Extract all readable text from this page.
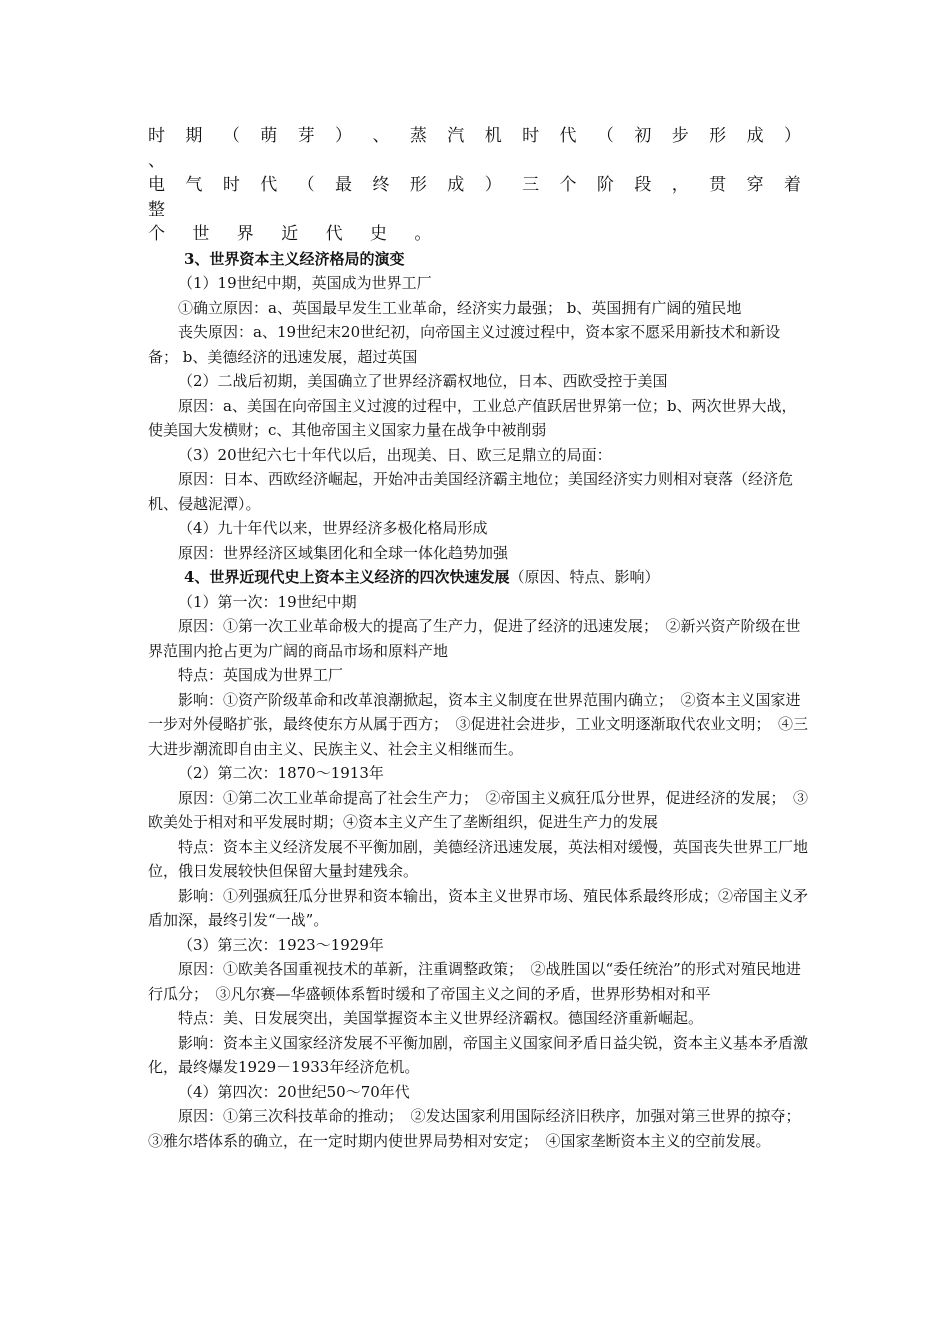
时 期 （ 萌 芽 ） 、 蒸 汽 机 时 代 （ 初 步 形 成 ） 、

电 气 时 代 （ 最 终 形 成 ） 三 个 阶 段 ， 贯 穿 着 整

个 世 界 近 代 史 。

3、世界资本主义经济格局的演变

（1）19世纪中期，英国成为世界工厂

①确立原因：a、英国最早发生工业革命，经济实力最强； b、英国拥有广阔的殖民地

丧失原因：a、19世纪末20世纪初，向帝国主义过渡过程中，资本家不愿采用新技术和新设备； b、美德经济的迅速发展，超过英国

（2）二战后初期，美国确立了世界经济霸权地位，日本、西欧受控于美国

原因：a、美国在向帝国主义过渡的过程中，工业总产值跃居世界第一位；b、两次世界大战，使美国大发横财；c、其他帝国主义国家力量在战争中被削弱

（3）20世纪六七十年代以后，出现美、日、欧三足鼎立的局面：

原因：日本、西欧经济崛起，开始冲击美国经济霸主地位；美国经济实力则相对衰落（经济危机、侵越泥潭）。

（4）九十年代以来，世界经济多极化格局形成

原因：世界经济区域集团化和全球一体化趋势加强

4、世界近现代史上资本主义经济的四次快速发展（原因、特点、影响）

（1）第一次：19世纪中期

原因：①第一次工业革命极大的提高了生产力，促进了经济的迅速发展；　②新兴资产阶级在世界范围内抢占更为广阔的商品市场和原料产地

特点：英国成为世界工厂

影响：①资产阶级革命和改革浪潮掀起，资本主义制度在世界范围内确立；　②资本主义国家进一步对外侵略扩张，最终使东方从属于西方；　③促进社会进步，工业文明逐渐取代农业文明；　④三大进步潮流即自由主义、民族主义、社会主义相继而生。

（2）第二次：1870～1913年

原因：①第二次工业革命提高了社会生产力；　②帝国主义疯狂瓜分世界，促进经济的发展；　③欧美处于相对和平发展时期；④资本主义产生了垄断组织，促进生产力的发展

特点：资本主义经济发展不平衡加剧，美德经济迅速发展，英法相对缓慢，英国丧失世界工厂地位，俄日发展较快但保留大量封建残余。

影响：①列强疯狂瓜分世界和资本输出，资本主义世界市场、殖民体系最终形成；②帝国主义矛盾加深，最终引发“一战”。

（3）第三次：1923～1929年

原因：①欧美各国重视技术的革新，注重调整政策；　②战胜国以“委任统治”的形式对殖民地进行瓜分；　③凡尔赛—华盛顿体系暂时缓和了帝国主义之间的矛盾，世界形势相对和平

特点：美、日发展突出，美国掌握资本主义世界经济霸权。德国经济重新崛起。

影响：资本主义国家经济发展不平衡加剧，帝国主义国家间矛盾日益尖锐，资本主义基本矛盾激化，最终爆发1929－1933年经济危机。

（4）第四次：20世纪50～70年代

原因：①第三次科技革命的推动；　②发达国家利用国际经济旧秩序，加强对第三世界的掠夺；　③雅尔塔体系的确立，在一定时期内使世界局势相对安定；　④国家垄断资本主义的空前发展。
